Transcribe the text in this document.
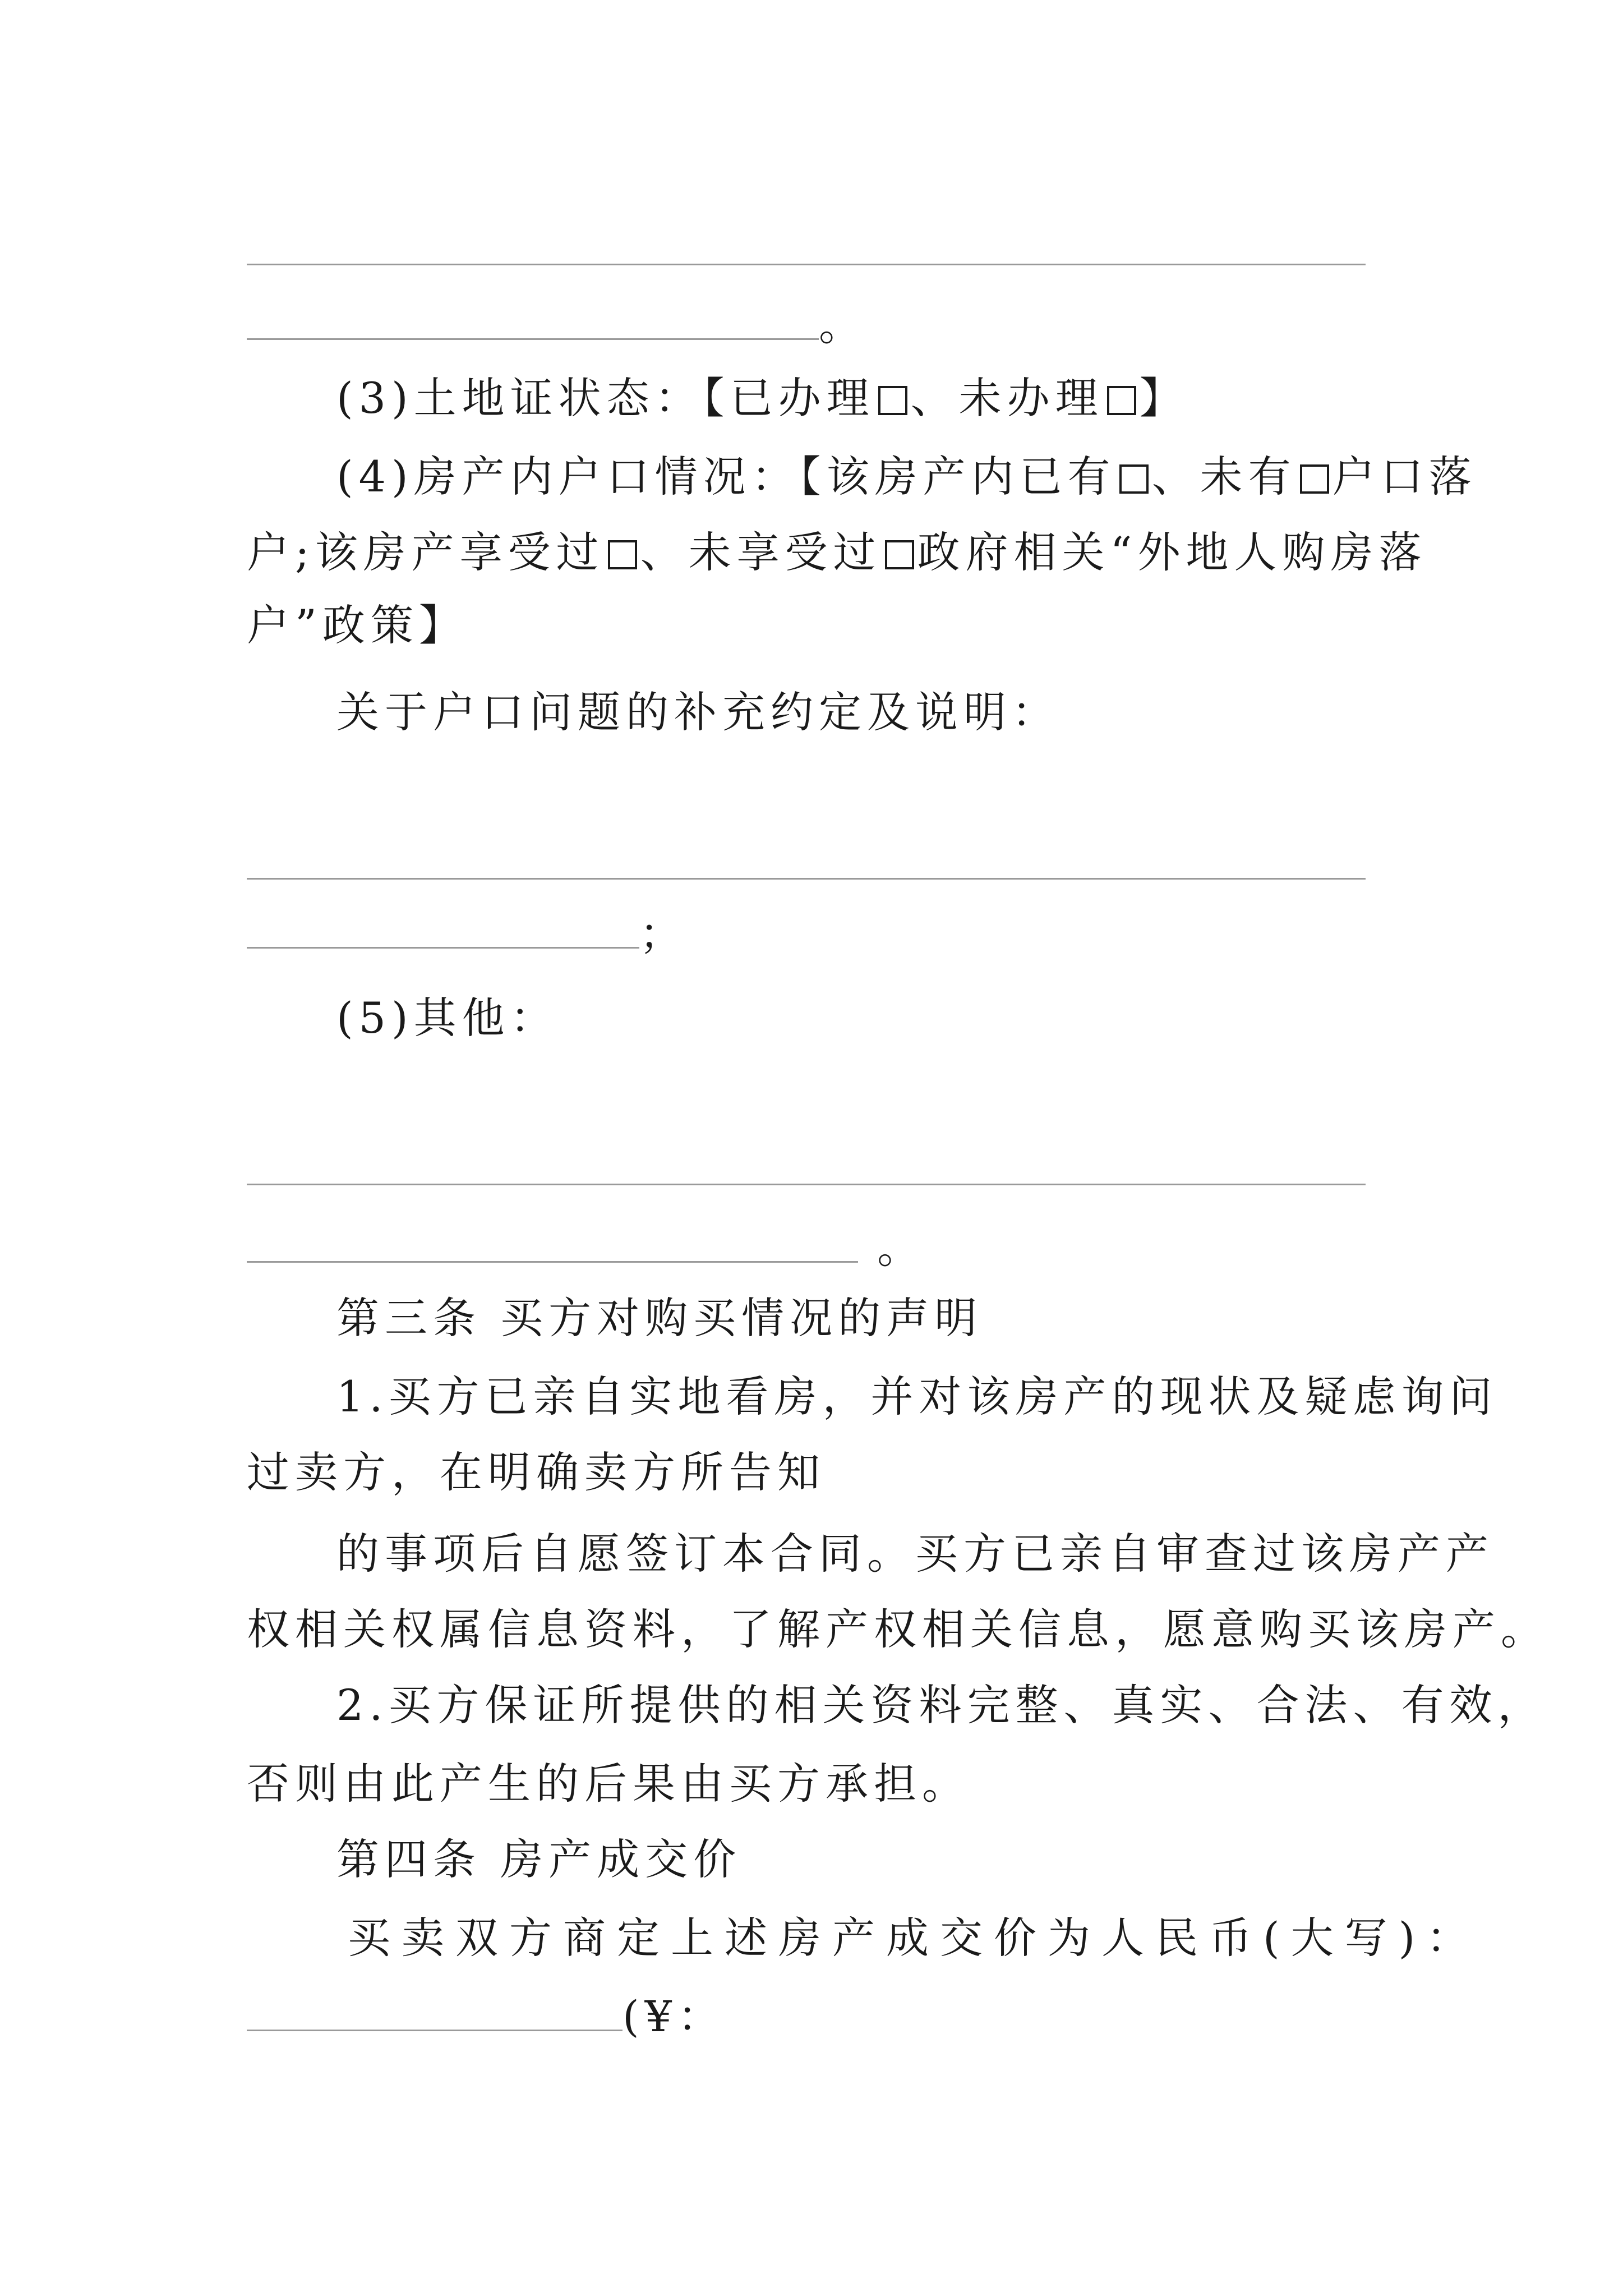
。
(3)土地证状态：【已办理 、未办理 】
(4)房产内户口情况：【该房产内已有 、未有 户口落
户;该房产享受过 、未享受过 政府相关“外地人购房落
户”政策】
关于户口问题的补充约定及说明：
；
(5)其他：
。
第三条 买方对购买情况的声明
1.买方已亲自实地看房，并对该房产的现状及疑虑询问
过卖方，在明确卖方所告知
的事项后自愿签订本合同。买方已亲自审查过该房产产
权相关权属信息资料，了解产权相关信息，愿意购买该房产。
2.买方保证所提供的相关资料完整、真实、合法、有效，
否则由此产生的后果由买方承担。
第四条 房产成交价
买卖双方商定上述房产成交价为人民币(大写)：
(¥：
